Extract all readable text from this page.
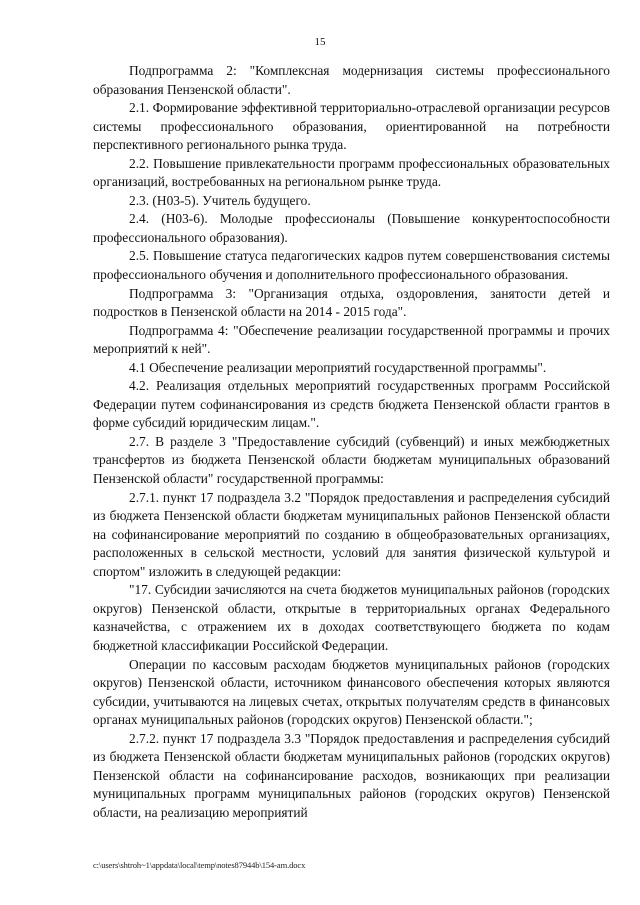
15

Подпрограмма 2: "Комплексная модернизация системы профессионального образования Пензенской области".

2.1. Формирование эффективной территориально-отраслевой организации ресурсов системы профессионального образования, ориентированной на потребности перспективного регионального рынка труда.

2.2. Повышение привлекательности программ профессиональных образовательных организаций, востребованных на региональном рынке труда.

2.3. (Н03-5). Учитель будущего.

2.4. (Н03-6). Молодые профессионалы (Повышение конкурентоспособности профессионального образования).

2.5. Повышение статуса педагогических кадров путем совершенствования системы профессионального обучения и дополнительного профессионального образования.

Подпрограмма 3: "Организация отдыха, оздоровления, занятости детей и подростков в Пензенской области на 2014 - 2015 года".

Подпрограмма 4: "Обеспечение реализации государственной программы и прочих мероприятий к ней".

4.1 Обеспечение реализации мероприятий государственной программы".

4.2. Реализация отдельных мероприятий государственных программ Российской Федерации путем софинансирования из средств бюджета Пензенской области грантов в форме субсидий юридическим лицам.".

2.7. В разделе 3 "Предоставление субсидий (субвенций) и иных межбюджетных трансфертов из бюджета Пензенской области бюджетам муниципальных образований Пензенской области" государственной программы:

2.7.1. пункт 17 подраздела 3.2 "Порядок предоставления и распределения субсидий из бюджета Пензенской области бюджетам муниципальных районов Пензенской области на софинансирование мероприятий по созданию в общеобразовательных организациях, расположенных в сельской местности, условий для занятия физической культурой и спортом" изложить в следующей редакции:

"17. Субсидии зачисляются на счета бюджетов муниципальных районов (городских округов) Пензенской области, открытые в территориальных органах Федерального казначейства, с отражением их в доходах соответствующего бюджета по кодам бюджетной классификации Российской Федерации.

Операции по кассовым расходам бюджетов муниципальных районов (городских округов) Пензенской области, источником финансового обеспечения которых являются субсидии, учитываются на лицевых счетах, открытых получателям средств в финансовых органах муниципальных районов (городских округов) Пензенской области.";

2.7.2. пункт 17 подраздела 3.3 "Порядок предоставления и распределения субсидий из бюджета Пензенской области бюджетам муниципальных районов (городских округов) Пензенской области на софинансирование расходов, возникающих при реализации муниципальных программ муниципальных районов (городских округов) Пензенской области, на реализацию мероприятий

c:\users\shtroh~1\appdata\local\temp\notes87944b\154-am.docx
